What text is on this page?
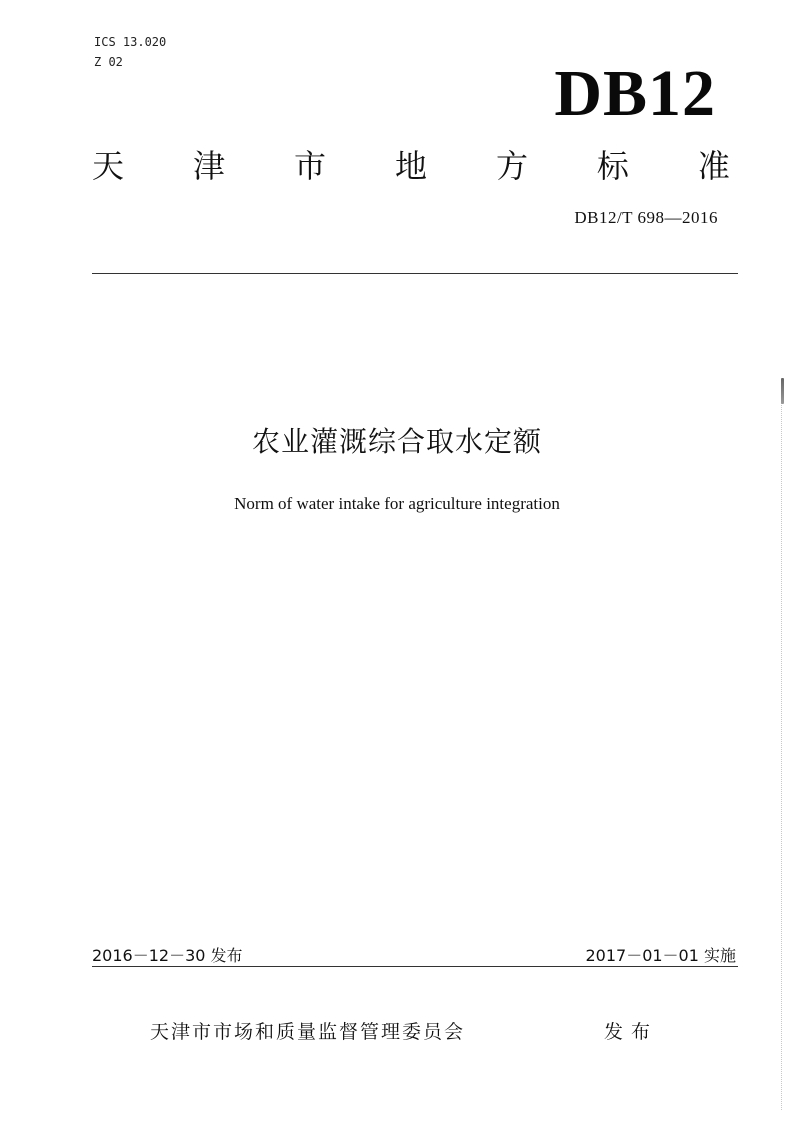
ICS 13.020
Z 02	DB12
天 津 市 地 方 标 准
DB12/T 698—2016
农业灌溉综合取水定额
Norm of water intake for agriculture integration
2016－12－30 发布	2017－01－01 实施
天津市市场和质量监督管理委员会	发布
